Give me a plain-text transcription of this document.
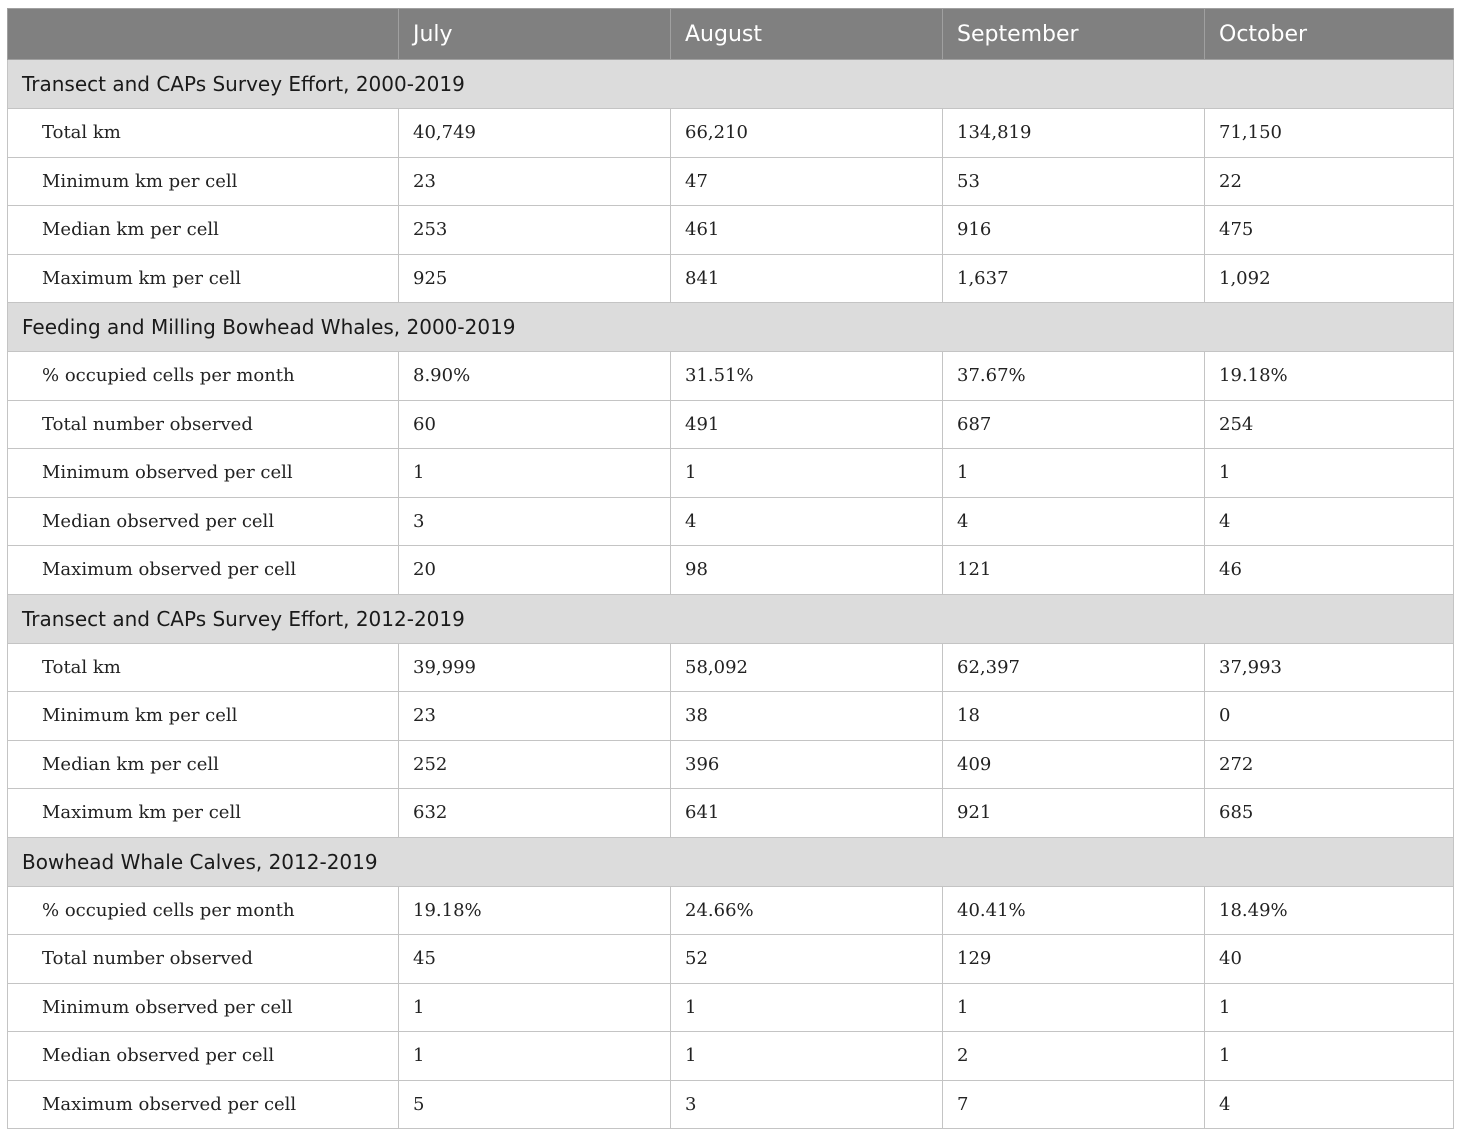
	July	August	September	October
Transect and CAPs Survey Effort, 2000-2019				
Total km	40,749	66,210	134,819	71,150
Minimum km per cell	23	47	53	22
Median km per cell	253	461	916	475
Maximum km per cell	925	841	1,637	1,092
Feeding and Milling Bowhead Whales, 2000-2019				
% occupied cells per month	8.90%	31.51%	37.67%	19.18%
Total number observed	60	491	687	254
Minimum observed per cell	1	1	1	1
Median observed per cell	3	4	4	4
Maximum observed per cell	20	98	121	46
Transect and CAPs Survey Effort, 2012-2019				
Total km	39,999	58,092	62,397	37,993
Minimum km per cell	23	38	18	0
Median km per cell	252	396	409	272
Maximum km per cell	632	641	921	685
Bowhead Whale Calves, 2012-2019				
% occupied cells per month	19.18%	24.66%	40.41%	18.49%
Total number observed	45	52	129	40
Minimum observed per cell	1	1	1	1
Median observed per cell	1	1	2	1
Maximum observed per cell	5	3	7	4
